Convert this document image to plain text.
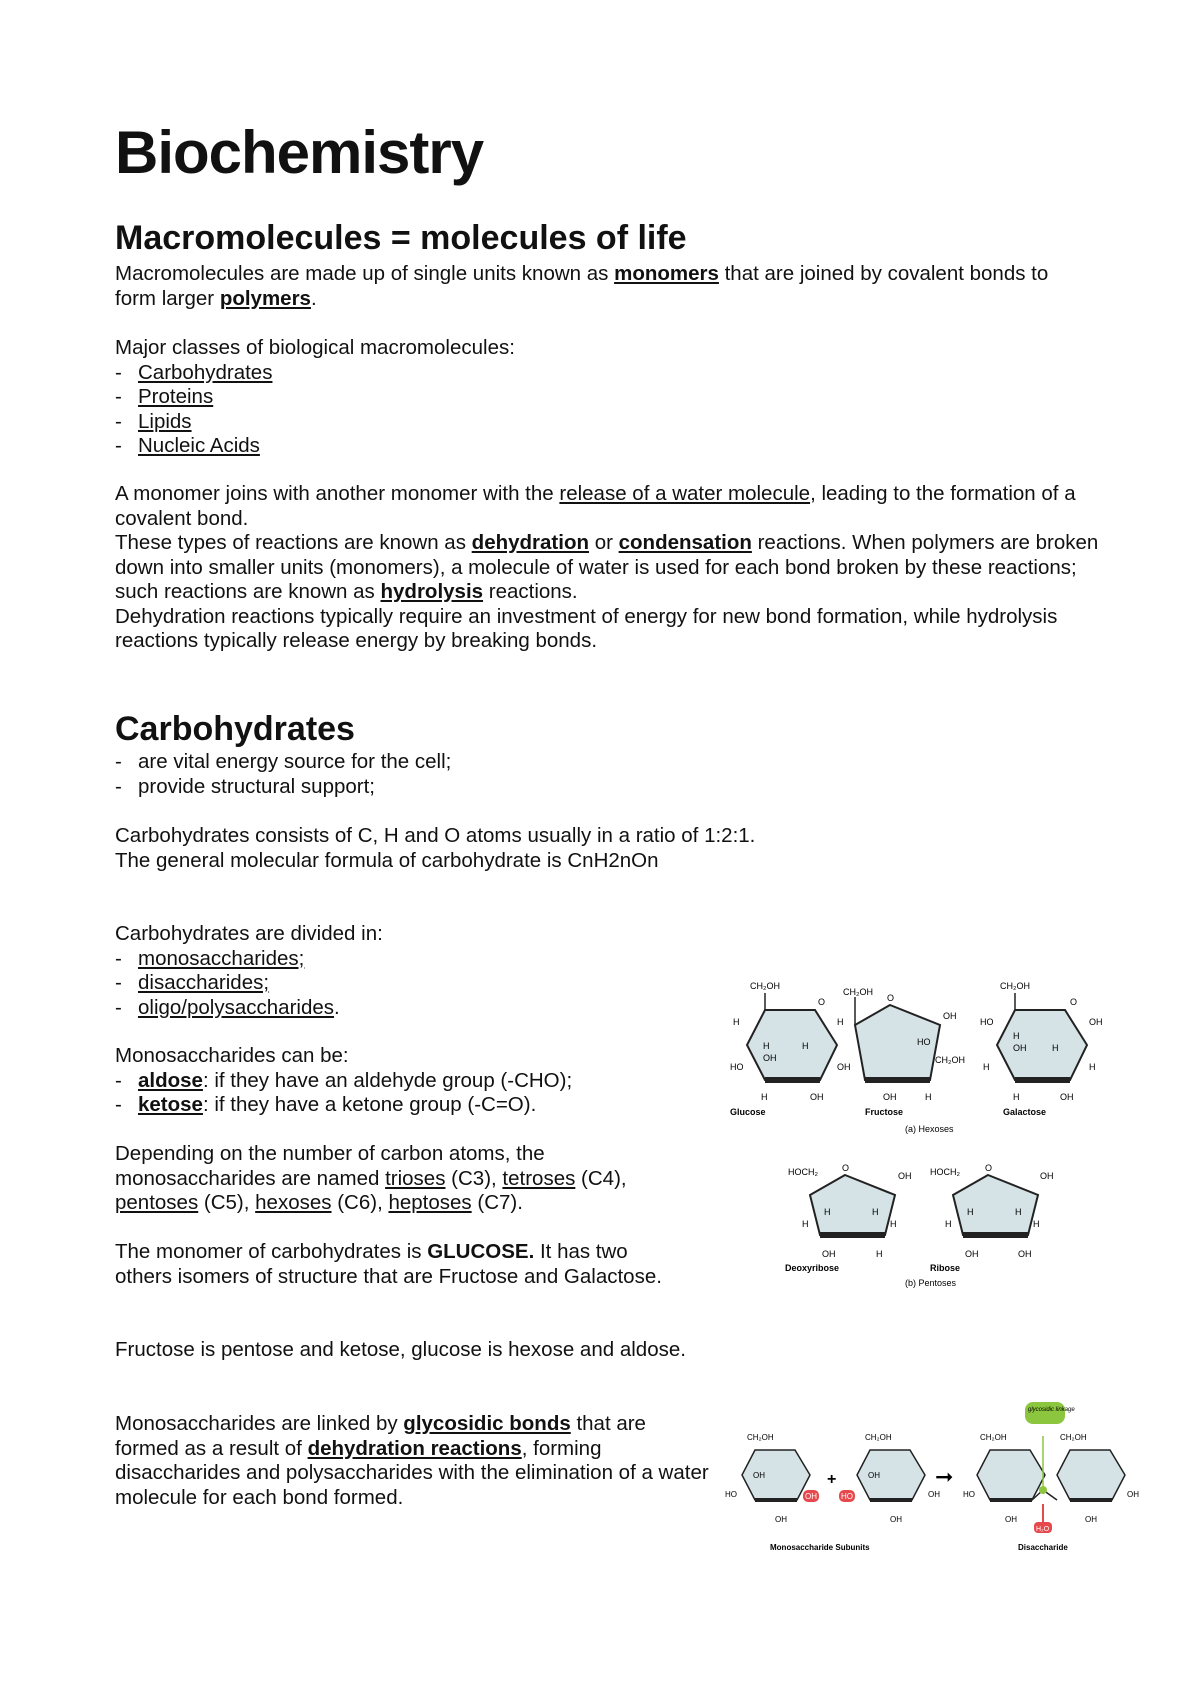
Biochemistry
Macromolecules = molecules of life

Macromolecules are made up of single units known as monomers that are joined by covalent bonds to form larger polymers.

Major classes of biological macromolecules:
- Carbohydrates
- Proteins
- Lipids
- Nucleic Acids
A monomer joins with another monomer with the release of a water molecule, leading to the formation of a covalent bond.
These types of reactions are known as dehydration or condensation reactions. When polymers are broken down into smaller units (monomers), a molecule of water is used for each bond broken by these reactions; such reactions are known as hydrolysis reactions.
Dehydration reactions typically require an investment of energy for new bond formation, while hydrolysis reactions typically release energy by breaking bonds.
Carbohydrates
- are vital energy source for the cell;
- provide structural support;
Carbohydrates consists of C, H and O atoms usually in a ratio of 1:2:1.
The general molecular formula of carbohydrate is CnH2nOn
Carbohydrates are divided in:
- monosaccharides;
- disaccharides;
- oligo/polysaccharides.
Monosaccharides can be:
- aldose: if they have an aldehyde group (-CHO);
- ketose: if they have a ketone group (-C=O).

Depending on the number of carbon atoms, the monosaccharides are named trioses (C3), tetroses (C4), pentoses (C5), hexoses (C6), heptoses (C7).

The monomer of carbohydrates is GLUCOSE. It has two others isomers of structure that are Fructose and Galactose.

Fructose is pentose and ketose, glucose is hexose and aldose.

Monosaccharides are linked by glycosidic bonds that are formed as a result of dehydration reactions, forming disaccharides and polysaccharides with the elimination of a water molecule for each bond formed.

CH₂OH
O
H	H
HO	OH
H
OH
H
H	OH
Glucose
CH₂OH
O
OH
HO
CH₂OH
OH	H
Fructose
CH₂OH
O
HO	OH
H
OH	H
H	H
H	OH
Galactose
(a) Hexoses
HOCH₂	O
OH
H	H
H	H
OH	H
Deoxyribose
HOCH₂	O
OH
H	H
H	H
OH	OH
Ribose
(b) Pentoses
CH₂OH
OH
HO	OH
OH
+
CH₂OH
OH
HO	OH
OH
➞
CH₂OH	CH₂OH
HO	OH
OH	OH
glycosidic linkage
H₂O
Monosaccharide Subunits	Disaccharide
